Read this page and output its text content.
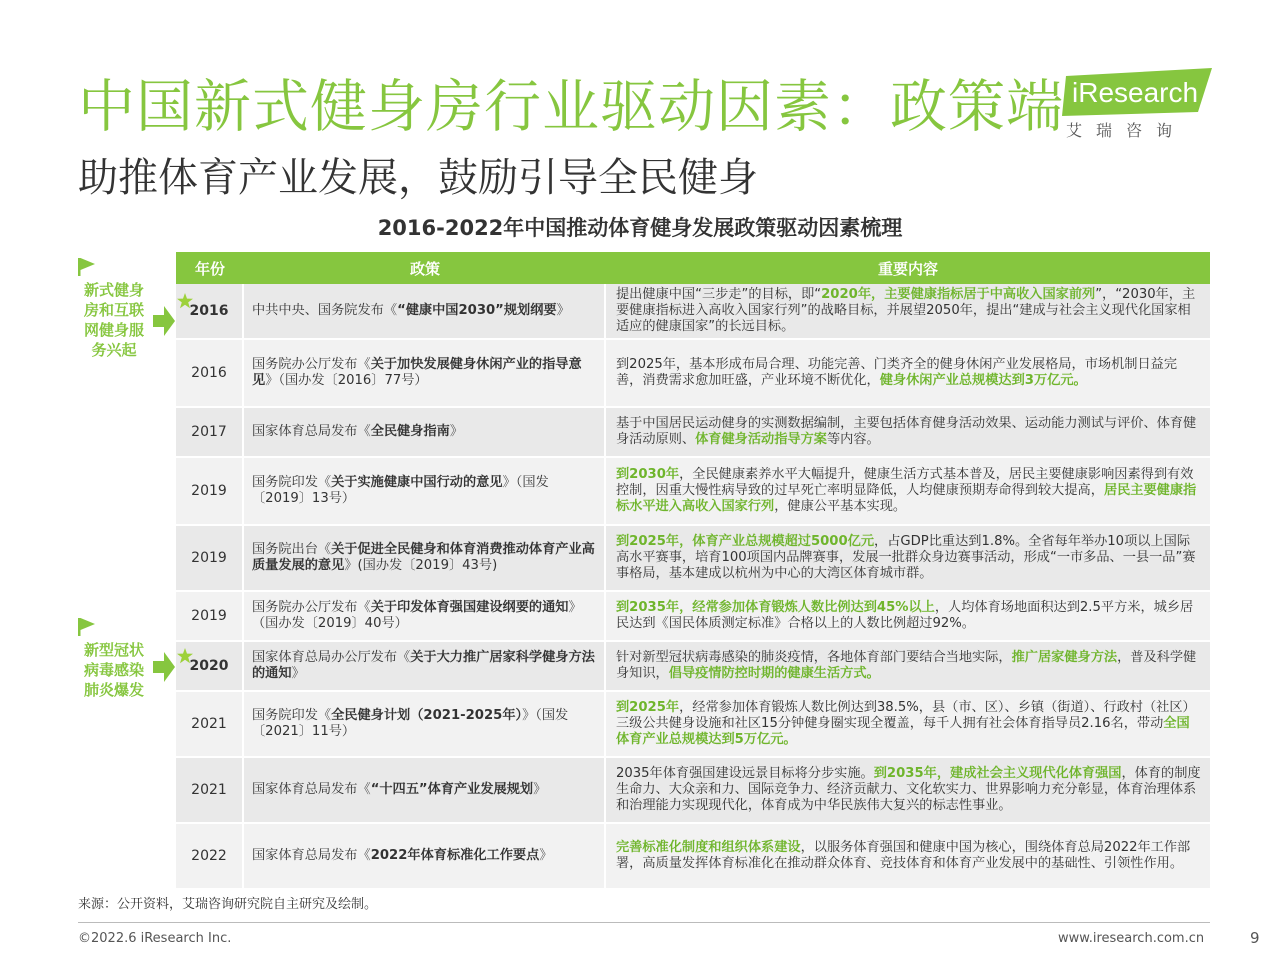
中国新式健身房行业驱动因素：政策端
助推体育产业发展，鼓励引导全民健身
iResearch
艾瑞咨询
2016-2022年中国推动体育健身发展政策驱动因素梳理
新式健身
房和互联
网健身服
务兴起
新型冠状
病毒感染
肺炎爆发
年份	政策	重要内容
2016	中共中央、国务院发布《“健康中国2030”规划纲要》	提出健康中国“三步走”的目标，即“2020年，主要健康指标居于中高收入国家前列”，“2030年，主要健康指标进入高收入国家行列”的战略目标，并展望2050年，提出“建成与社会主义现代化国家相适应的健康国家”的长远目标。
2016	国务院办公厅发布《关于加快发展健身休闲产业的指导意见》（国办发〔2016〕77号）	到2025年，基本形成布局合理、功能完善、门类齐全的健身休闲产业发展格局，市场机制日益完善，消费需求愈加旺盛，产业环境不断优化，健身休闲产业总规模达到3万亿元。
2017	国家体育总局发布《全民健身指南》	基于中国居民运动健身的实测数据编制，主要包括体育健身活动效果、运动能力测试与评价、体育健身活动原则、体育健身活动指导方案等内容。
2019	国务院印发《关于实施健康中国行动的意见》（国发〔2019〕13号）	到2030年，全民健康素养水平大幅提升，健康生活方式基本普及，居民主要健康影响因素得到有效控制，因重大慢性病导致的过早死亡率明显降低，人均健康预期寿命得到较大提高，居民主要健康指标水平进入高收入国家行列，健康公平基本实现。
2019	国务院出台《关于促进全民健身和体育消费推动体育产业高质量发展的意见》(国办发〔2019〕43号)	到2025年，体育产业总规模超过5000亿元，占GDP比重达到1.8%。全省每年举办10项以上国际高水平赛事，培育100项国内品牌赛事，发展一批群众身边赛事活动，形成“一市多品、一县一品”赛事格局，基本建成以杭州为中心的大湾区体育城市群。
2019	国务院办公厅发布《关于印发体育强国建设纲要的通知》（国办发〔2019〕40号）	到2035年，经常参加体育锻炼人数比例达到45%以上，人均体育场地面积达到2.5平方米，城乡居民达到《国民体质测定标准》合格以上的人数比例超过92%。
2020	国家体育总局办公厅发布《关于大力推广居家科学健身方法的通知》	针对新型冠状病毒感染的肺炎疫情，各地体育部门要结合当地实际，推广居家健身方法，普及科学健身知识，倡导疫情防控时期的健康生活方式。
2021	国务院印发《全民健身计划（2021-2025年）》（国发〔2021〕11号）	到2025年，经常参加体育锻炼人数比例达到38.5%，县（市、区）、乡镇（街道）、行政村（社区）三级公共健身设施和社区15分钟健身圈实现全覆盖，每千人拥有社会体育指导员2.16名，带动全国体育产业总规模达到5万亿元。
2021	国家体育总局发布《“十四五”体育产业发展规划》	2035年体育强国建设远景目标将分步实施。到2035年，建成社会主义现代化体育强国，体育的制度生命力、大众亲和力、国际竞争力、经济贡献力、文化软实力、世界影响力充分彰显，体育治理体系和治理能力实现现代化，体育成为中华民族伟大复兴的标志性事业。
2022	国家体育总局发布《2022年体育标准化工作要点》	完善标准化制度和组织体系建设，以服务体育强国和健康中国为核心，围绕体育总局2022年工作部署，高质量发挥体育标准化在推动群众体育、竞技体育和体育产业发展中的基础性、引领性作用。
来源：公开资料，艾瑞咨询研究院自主研究及绘制。
©2022.6 iResearch Inc.	www.iresearch.com.cn	9
